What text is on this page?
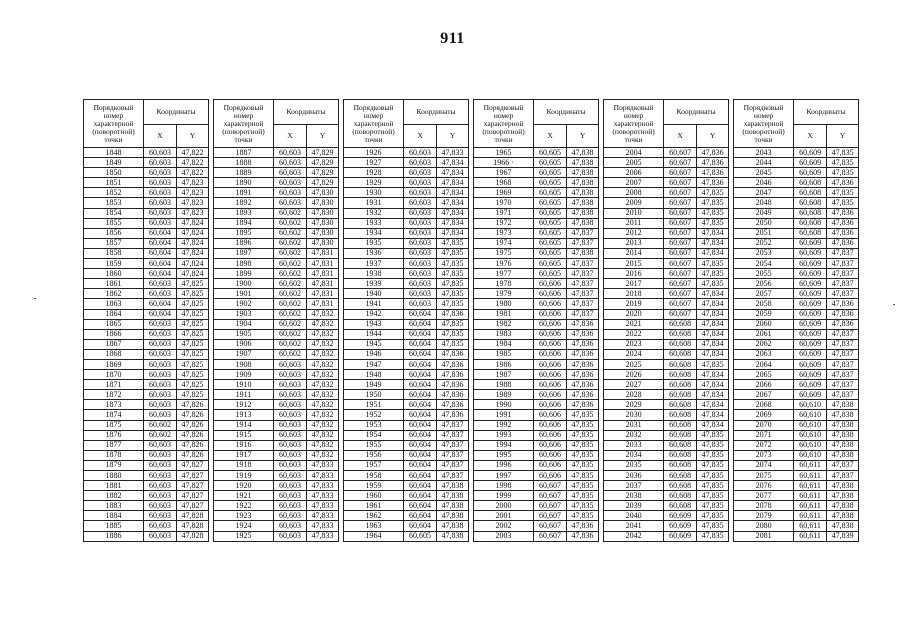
911
Порядковый
номер
характерной
(поворотной)
точки	Координаты			Порядковый
номер
характерной
(поворотной)
точки	Координаты			Порядковый
номер
характерной
(поворотной)
точки	Координаты			Порядковый
номер
характерной
(поворотной)
точки	Координаты			Порядковый
номер
характерной
(поворотной)
точки	Координаты			Порядковый
номер
характерной
(поворотной)
точки	Координаты	
	X	Y			X	Y			X	Y			X	Y			X	Y			X	Y
1848	60,603	47,822		1887	60,603	47,829		1926	60,603	47,833		1965	60,605	47,838		2004	60,607	47,836		2043	60,609	47,835
1849	60,603	47,822		1888	60,603	47,829		1927	60,603	47,834		1966 ·	60,605	47,838		2005	60,607	47,836		2044	60,609	47,835
1850	60,603	47,822		1889	60,603	47,829		1928	60,603	47,834		1967	60,605	47,838		2006	60,607	47,836		2045	60,609	47,835
1851	60,603	47,823		1890	60,603	47,829		1929	60,603	47,834		1968	60,605	47,838		2007	60,607	47,836		2046	60,608	47,836
1852	60,603	47,823		1891	60,603	47,830		1930	60,603	47,834		1969	60,605	47,838		2008	60,607	47,835		2047	60,608	47,835
1853	60,603	47,823		1892	60,603	47,830		1931	60,603	47,834		1970	60,605	47,838		2009	60,607	47,835		2048	60,608	47,835
1854	60,603	47,823		1893	60,602	47,830		1932	60,603	47,834		1971	60,605	47,838		2010	60,607	47,835		2049	60,608	47,836
1855	60,603	47,824		1894	60,602	47,830		1933	60,603	47,834		1972	60,605	47,838		2011	60,607	47,835		2050	60,608	47,836
1856	60,604	47,824		1895	60,602	47,830		1934	60,603	47,834		1973	60,605	47,837		2012	60,607	47,834		2051	60,608	47,836
1857	60,604	47,824		1896	60,602	47,830		1935	60,603	47,835		1974	60,605	47,837		2013	60,607	47,834		2052	60,609	47,836
1858	60,604	47,824		1897	60,602	47,831		1936	60,603	47,835		1975	60,605	47,838		2014	60,607	47,834		2053	60,609	47,837
1859	60,604	47,824		1898	60,602	47,831		1937	60,603	47,835		1976	60,605	47,837		2015	60,607	47,835		2054	60,609	47,837
1860	60,604	47,824		1899	60,602	47,831		1938	60,603	47,835		1977	60,605	47,837		2016	60,607	47,835		2055	60,609	47,837
1861	60,603	47,825		1900	60,602	47,831		1939	60,603	47,835		1978	60,606	47,837		2017	60,607	47,835		2056	60,609	47,837
1862	60,603	47,825		1901	60,602	47,831		1940	60,603	47,835		1979	60,606	47,837		2018	60,607	47,834		2057	60,609	47,837
1863	60,604	47,825		1902	60,602	47,831		1941	60,603	47,835		1980	60,606	47,837		2019	60,607	47,834		2058	60,609	47,836
1864	60,604	47,825		1903	60,602	47,832		1942	60,604	47,836		1981	60,606	47,837		2020	60,607	47,834		2059	60,609	47,836
1865	60,603	47,825		1904	60,602	47,832		1943	60,604	47,835		1982	60,606	47,836		2021	60,608	47,834		2060	60,609	47,836
1866	60,603	47,825		1905	60,602	47,832		1944	60,604	47,835		1983	60,606	47,836		2022	60,608	47,834		2061	60,609	47,837
1867	60,603	47,825		1906	60,602	47,832		1945	60,604	47,835		1984	60,606	47,836		2023	60,608	47,834		2062	60,609	47,837
1868	60,603	47,825		1907	60,602	47,832		1946	60,604	47,836		1985	60,606	47,836		2024	60,608	47,834		2063	60,609	47,837
1869	60,603	47,825		1908	60,603	47,832		1947	60,604	47,836		1986	60,606	47,836		2025	60,608	47,835		2064	60,609	47,837
1870	60,603	47,825		1909	60,603	47,832		1948	60,604	47,836		1987	60,606	47,836		2026	60,608	47,834		2065	60,609	47,837
1871	60,603	47,825		1910	60,603	47,832		1949	60,604	47,836		1988	60,606	47,836		2027	60,608	47,834		2066	60,609	47,837
1872	60,603	47,825		1911	60,603	47,832		1950	60,604	47,836		1989	60,606	47,836		2028	60,608	47,834		2067	60,609	47,837
1873	60,603	47,826		1912	60,603	47,832		1951	60,604	47,836		1990	60,606	47,836		2029	60,608	47,834		2068	60,610	47,838
1874	60,603	47,826		1913	60,603	47,832		1952	60,604	47,836		1991	60,606	47,835		2030	60,608	47,834		2069	60,610	47,838
1875	60,602	47,826		1914	60,603	47,832		1953	60,604	47,837		1992	60,606	47,835		2031	60,608	47,834		2070	60,610	47,838
1876	60,602	47,826		1915	60,603	47,832		1954	60,604	47,837		1993	60,606	47,835		2032	60,608	47,835		2071	60,610	47,838
1877	60,603	47,826		1916	60,603	47,832		1955	60,604	47,837		1994	60,606	47,835		2033	60,608	47,835		2072	60,610	47,838
1878	60,603	47,826		1917	60,603	47,832		1956	60,604	47,837		1995	60,606	47,835		2034	60,608	47,835		2073	60,610	47,838
1879	60,603	47,827		1918	60,603	47,833		1957	60,604	47,837		1996	60,606	47,835		2035	60,608	47,835		2074	60,611	47,837
1880	60,603	47,827		1919	60,603	47,833		1958	60,604	47,837		1997	60,606	47,835		2036	60,608	47,835		2075	60,611	47,837
1881	60,603	47,827		1920	60,603	47,833		1959	60,604	47,838		1998	60,607	47,835		2037	60,608	47,835		2076	60,611	47,838
1882	60,603	47,827		1921	60,603	47,833		1960	60,604	47,838		1999	60,607	47,835		2038	60,608	47,835		2077	60,611	47,838
1883	60,603	47,827		1922	60,603	47,833		1961	60,604	47,838		2000	60,607	47,835		2039	60,608	47,835		2078	60,611	47,838
1884	60,603	47,828		1923	60,603	47,833		1962	60,604	47,838		2001	60,607	47,835		2040	60,609	47,835		2079	60,611	47,838
1885	60,603	47,828		1924	60,603	47,833		1963	60,604	47,838		2002	60,607	47,836		2041	60,609	47,835		2080	60,611	47,838
1886	60,603	47,828		1925	60,603	47,833		1964	60,605	47,838		2003	60,607	47,836		2042	60,609	47,835		2081	60,611	47,839
